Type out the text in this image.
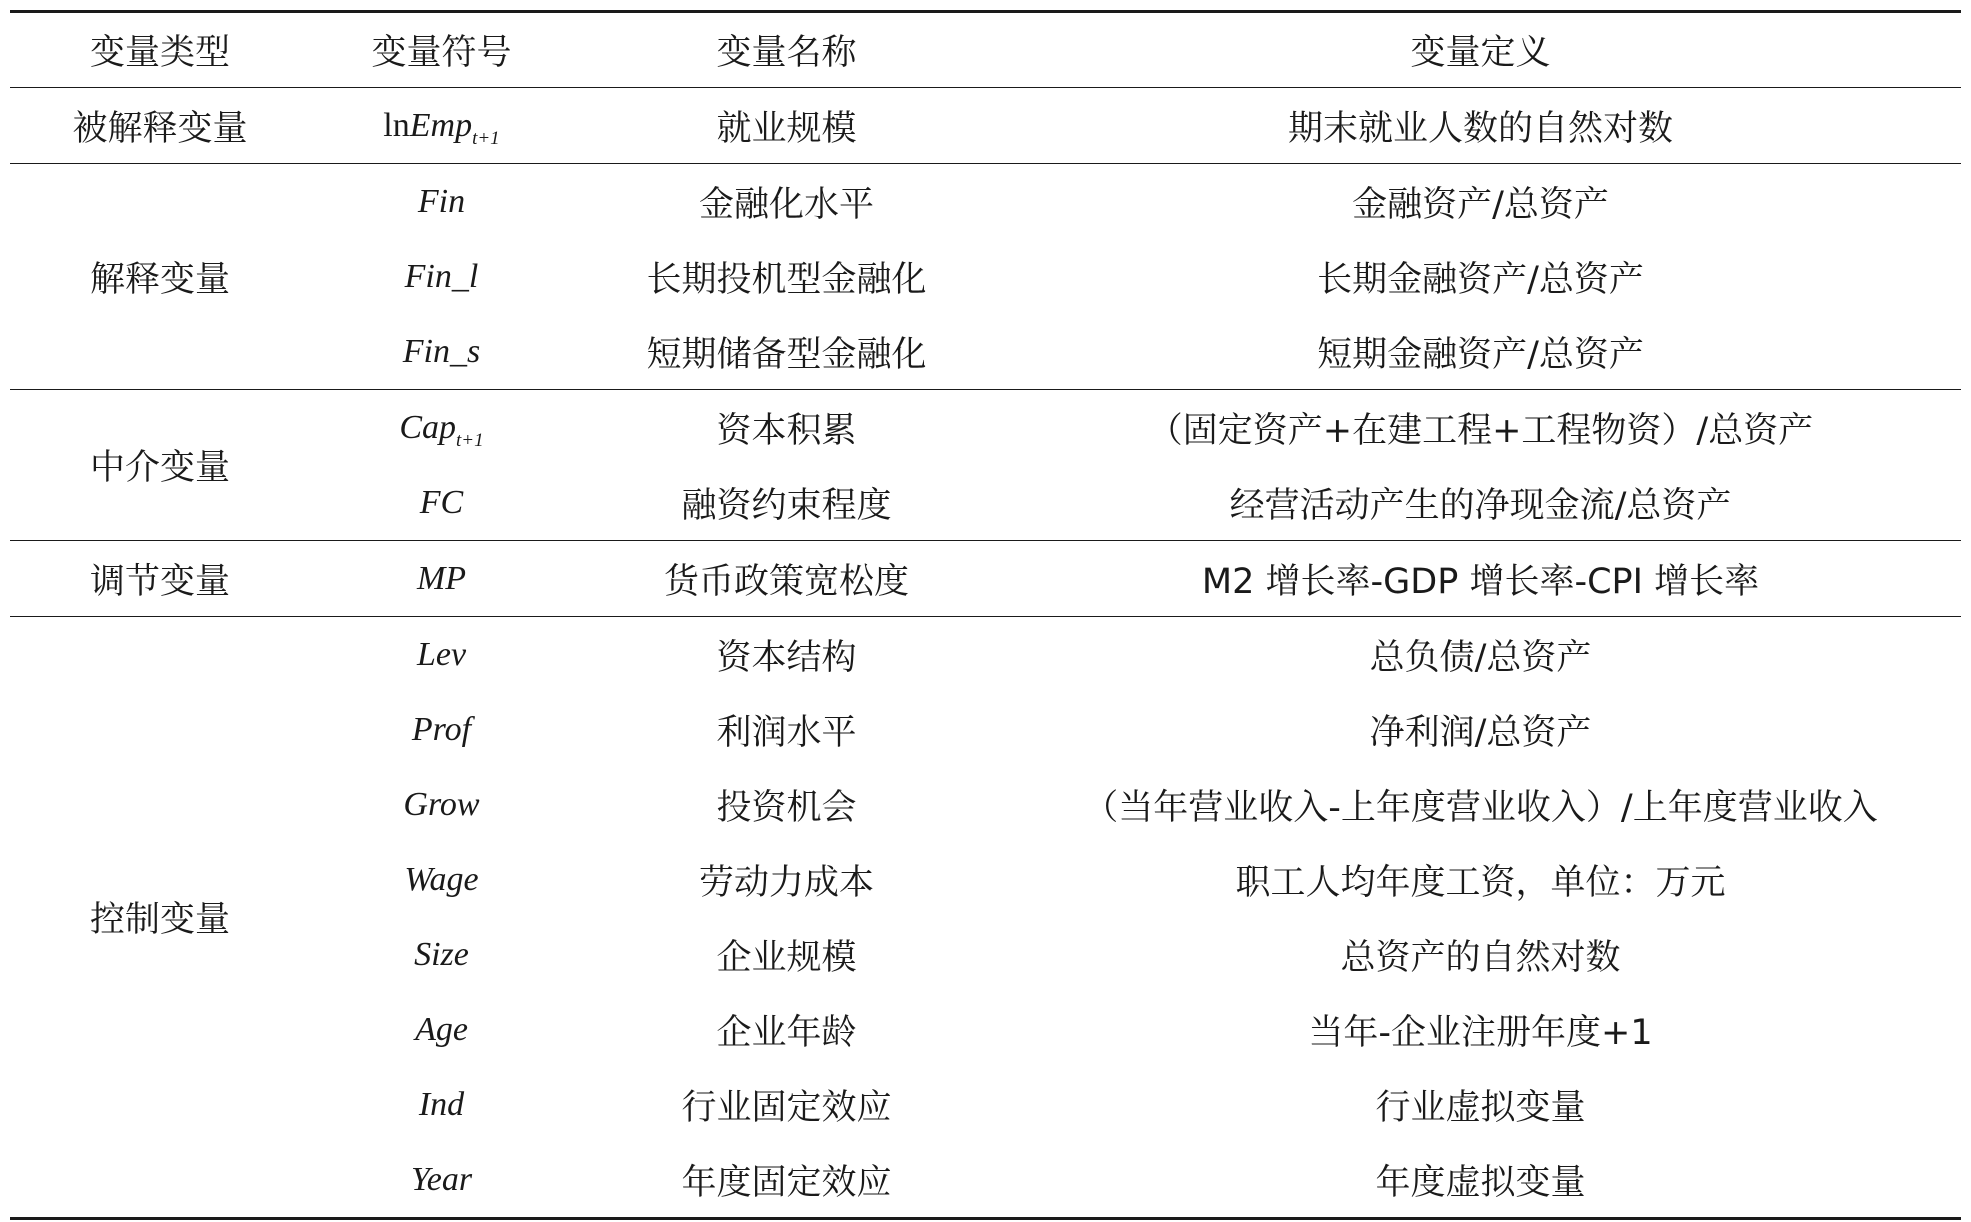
变量类型	变量符号	变量名称	变量定义
被解释变量	lnEmp$_{t+1}$	就业规模	期末就业人数的自然对数
解释变量	Fin	金融化水平	金融资产/总资产
	Fin_l	长期投机型金融化	长期金融资产/总资产
	Fin_s	短期储备型金融化	短期金融资产/总资产
中介变量	Cap$_{t+1}$	资本积累	（固定资产+在建工程+工程物资）/总资产
	FC	融资约束程度	经营活动产生的净现金流/总资产
调节变量	MP	货币政策宽松度	M2 增长率-GDP 增长率-CPI 增长率
控制变量	Lev	资本结构	总负债/总资产
	Prof	利润水平	净利润/总资产
	Grow	投资机会	（当年营业收入-上年度营业收入）/上年度营业收入
	Wage	劳动力成本	职工人均年度工资，单位：万元
	Size	企业规模	总资产的自然对数
	Age	企业年龄	当年-企业注册年度+1
	Ind	行业固定效应	行业虚拟变量
	Year	年度固定效应	年度虚拟变量
